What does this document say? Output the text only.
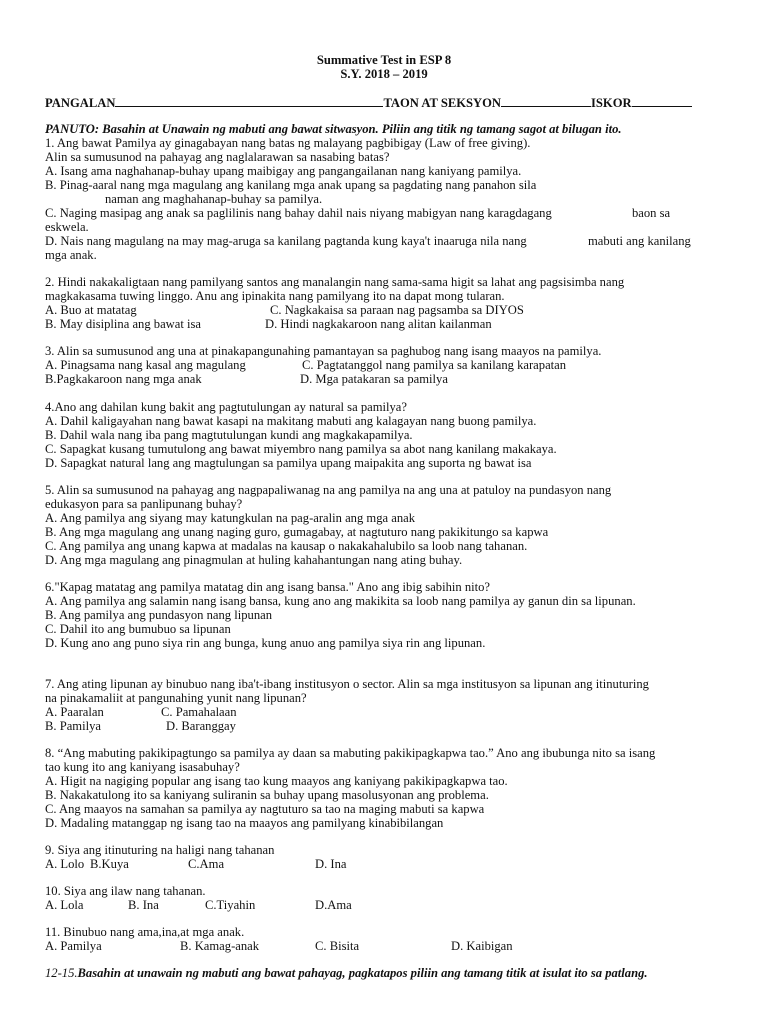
Summative Test in ESP 8
S.Y. 2018 – 2019
PANGALAN	TAON AT SEKSYON	ISKOR
PANUTO: Basahin at Unawain ng mabuti ang bawat sitwasyon. Piliin ang titik ng tamang sagot at bilugan ito.
1. Ang bawat Pamilya ay ginagabayan nang batas ng malayang pagbibigay (Law of free giving).
Alin sa sumusunod na pahayag ang naglalarawan sa nasabing batas?
A. Isang ama naghahanap-buhay upang maibigay ang pangangailanan nang kaniyang pamilya.
B. Pinag-aaral nang mga magulang ang kanilang mga anak upang sa pagdating nang panahon sila
naman ang maghahanap-buhay sa pamilya.
C. Naging masipag ang anak sa paglilinis nang bahay dahil nais niyang mabigyan nang karagdagang	baon sa
eskwela.
D. Nais nang magulang na may mag-aruga sa kanilang pagtanda kung kaya't inaaruga nila nang	mabuti ang kanilang
mga anak.
2. Hindi nakakaligtaan nang pamilyang santos ang manalangin nang sama-sama higit sa lahat ang pagsisimba nang
magkakasama tuwing linggo. Anu ang ipinakita nang pamilyang ito na dapat mong tularan.
A. Buo at matatag	C. Nagkakaisa sa paraan nag pagsamba sa DIYOS
B. May disiplina ang bawat isa	D. Hindi nagkakaroon nang alitan kailanman
3. Alin sa sumusunod ang una at pinakapangunahing pamantayan sa paghubog nang isang maayos na pamilya.
A. Pinagsama nang kasal ang magulang	C. Pagtatanggol nang pamilya sa kanilang karapatan
B.Pagkakaroon nang mga anak	D. Mga patakaran sa pamilya
4.Ano ang dahilan kung bakit ang pagtutulungan ay natural sa pamilya?
A. Dahil kaligayahan nang bawat kasapi na makitang mabuti ang kalagayan nang buong pamilya.
B. Dahil wala nang iba pang magtutulungan kundi ang magkakapamilya.
C. Sapagkat kusang tumutulong ang bawat miyembro nang pamilya sa abot nang kanilang makakaya.
D. Sapagkat natural lang ang magtulungan sa pamilya upang maipakita ang suporta ng bawat isa
5. Alin sa sumusunod na pahayag ang nagpapaliwanag na ang pamilya na ang una at patuloy na pundasyon nang
edukasyon para sa panlipunang buhay?
A. Ang pamilya ang siyang may katungkulan na pag-aralin ang mga anak
B. Ang mga magulang ang unang naging guro, gumagabay, at nagtuturo nang pakikitungo sa kapwa
C. Ang pamilya ang unang kapwa at madalas na kausap o nakakahalubilo sa loob nang tahanan.
D. Ang mga magulang ang pinagmulan at huling kahahantungan nang ating buhay.
6."Kapag matatag ang pamilya matatag din ang isang bansa." Ano ang ibig sabihin nito?
A. Ang pamilya ang salamin nang isang bansa, kung ano ang makikita sa loob nang pamilya ay ganun din sa lipunan.
B. Ang pamilya ang pundasyon nang lipunan
C. Dahil ito ang bumubuo sa lipunan
D. Kung ano ang puno siya rin ang bunga, kung anuo ang pamilya siya rin ang lipunan.
7. Ang ating lipunan ay binubuo nang iba't-ibang institusyon o sector. Alin sa mga institusyon sa lipunan ang itinuturing
na pinakamaliit at pangunahing yunit nang lipunan?
A. Paaralan	C. Pamahalaan
B. Pamilya	D. Baranggay
8. “Ang mabuting pakikipagtungo sa pamilya ay daan sa mabuting pakikipagkapwa tao.” Ano ang ibubunga nito sa isang
tao kung ito ang kaniyang isasabuhay?
A. Higit na nagiging popular ang isang tao kung maayos ang kaniyang pakikipagkapwa tao.
B. Nakakatulong ito sa kaniyang suliranin sa buhay upang masolusyonan ang problema.
C. Ang maayos na samahan sa pamilya ay nagtuturo sa tao na maging mabuti sa kapwa
D. Madaling matanggap ng isang tao na maayos ang pamilyang kinabibilangan
9. Siya ang itinuturing na haligi nang tahanan
A. Lolo B.Kuya	C.Ama	D. Ina
10. Siya ang ilaw nang tahanan.
A. Lola	B. Ina	C.Tiyahin	D.Ama
11. Binubuo nang ama,ina,at mga anak.
A. Pamilya	B. Kamag-anak	C. Bisita	D. Kaibigan
12-15.Basahin at unawain ng mabuti ang bawat pahayag, pagkatapos piliin ang tamang titik at isulat ito sa patlang.
